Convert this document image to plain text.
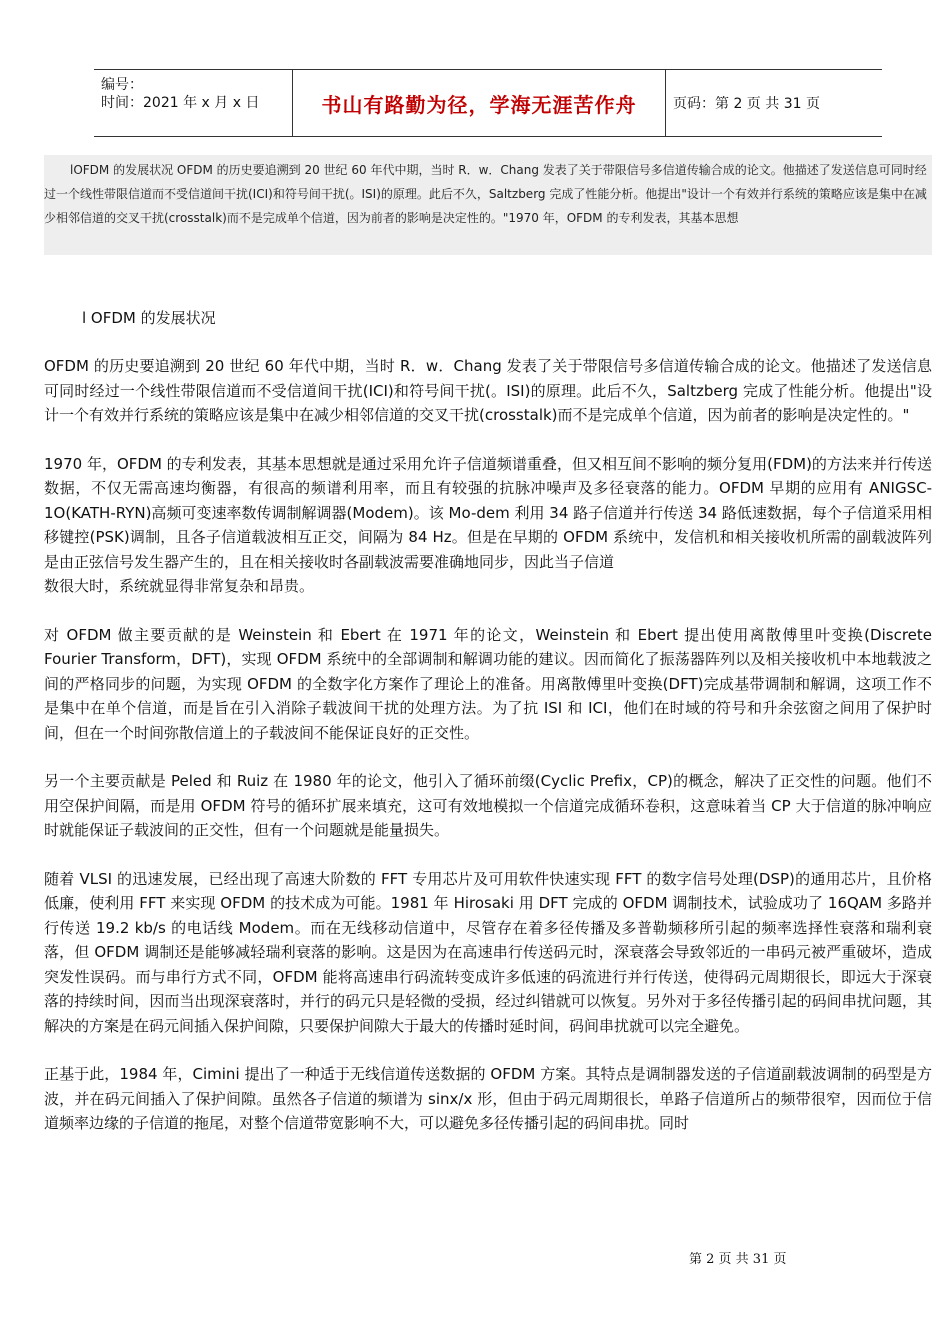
编号：
时间：2021 年 x 月 x 日	书山有路勤为径，学海无涯苦作舟	页码：第 2 页 共 31 页

lOFDM 的发展状况 OFDM 的历史要追溯到 20 世纪 60 年代中期，当时 R．w．Chang 发表了关于带限信号多信道传输合成的论文。他描述了发送信息可同时经过一个线性带限信道而不受信道间干扰(ICI)和符号间干扰(。ISI)的原理。此后不久，Saltzberg 完成了性能分析。他提出"设计一个有效并行系统的策略应该是集中在减少相邻信道的交叉干扰(crosstalk)而不是完成单个信道，因为前者的影响是决定性的。"1970 年，OFDM 的专利发表，其基本思想

l OFDM 的发展状况

OFDM 的历史要追溯到 20 世纪 60 年代中期，当时 R．w．Chang 发表了关于带限信号多信道传输合成的论文。他描述了发送信息可同时经过一个线性带限信道而不受信道间干扰(ICI)和符号间干扰(。ISI)的原理。此后不久，Saltzberg 完成了性能分析。他提出"设计一个有效并行系统的策略应该是集中在减少相邻信道的交叉干扰(crosstalk)而不是完成单个信道，因为前者的影响是决定性的。"

1970 年，OFDM 的专利发表，其基本思想就是通过采用允许子信道频谱重叠，但又相互间不影响的频分复用(FDM)的方法来并行传送数据，不仅无需高速均衡器，有很高的频谱利用率，而且有较强的抗脉冲噪声及多径衰落的能力。OFDM 早期的应用有 ANIGSC-1O(KATH-RYN)高频可变速率数传调制解调器(Modem)。该 Mo-dem 利用 34 路子信道并行传送 34 路低速数据，每个子信道采用相移键控(PSK)调制，且各子信道载波相互正交，间隔为 84 Hz。但是在早期的 OFDM 系统中，发信机和相关接收机所需的副载波阵列是由正弦信号发生器产生的，且在相关接收时各副载波需要准确地同步，因此当子信道

数很大时，系统就显得非常复杂和昂贵。

对 OFDM 做主要贡献的是 Weinstein 和 Ebert 在 1971 年的论文，Weinstein 和 Ebert 提出使用离散傅里叶变换(Discrete Fourier Transform，DFT)，实现 OFDM 系统中的全部调制和解调功能的建议。因而简化了振荡器阵列以及相关接收机中本地载波之间的严格同步的问题，为实现 OFDM 的全数字化方案作了理论上的准备。用离散傅里叶变换(DFT)完成基带调制和解调，这项工作不是集中在单个信道，而是旨在引入消除子载波间干扰的处理方法。为了抗 ISI 和 ICI，他们在时域的符号和升余弦窗之间用了保护时间，但在一个时间弥散信道上的子载波间不能保证良好的正交性。

另一个主要贡献是 Peled 和 Ruiz 在 1980 年的论文，他引入了循环前缀(Cyclic Prefix，CP)的概念，解决了正交性的问题。他们不用空保护间隔，而是用 OFDM 符号的循环扩展来填充，这可有效地模拟一个信道完成循环卷积，这意味着当 CP 大于信道的脉冲响应时就能保证子载波间的正交性，但有一个问题就是能量损失。

随着 VLSI 的迅速发展，已经出现了高速大阶数的 FFT 专用芯片及可用软件快速实现 FFT 的数字信号处理(DSP)的通用芯片，且价格低廉，使利用 FFT 来实现 OFDM 的技术成为可能。1981 年 Hirosaki 用 DFT 完成的 OFDM 调制技术，试验成功了 16QAM 多路并行传送 19.2 kb/s 的电话线 Modem。而在无线移动信道中，尽管存在着多径传播及多普勒频移所引起的频率选择性衰落和瑞利衰落，但 OFDM 调制还是能够减轻瑞利衰落的影响。这是因为在高速串行传送码元时，深衰落会导致邻近的一串码元被严重破坏，造成突发性误码。而与串行方式不同，OFDM 能将高速串行码流转变成许多低速的码流进行并行传送，使得码元周期很长，即远大于深衰落的持续时间，因而当出现深衰落时，并行的码元只是轻微的受损，经过纠错就可以恢复。另外对于多径传播引起的码间串扰问题，其解决的方案是在码元间插入保护间隙，只要保护间隙大于最大的传播时延时间，码间串扰就可以完全避免。

正基于此，1984 年，Cimini 提出了一种适于无线信道传送数据的 OFDM 方案。其特点是调制器发送的子信道副载波调制的码型是方波，并在码元间插入了保护间隙。虽然各子信道的频谱为 sinx/x 形，但由于码元周期很长，单路子信道所占的频带很窄，因而位于信道频率边缘的子信道的拖尾，对整个信道带宽影响不大，可以避免多径传播引起的码间串扰。同时

第 2 页 共 31 页
